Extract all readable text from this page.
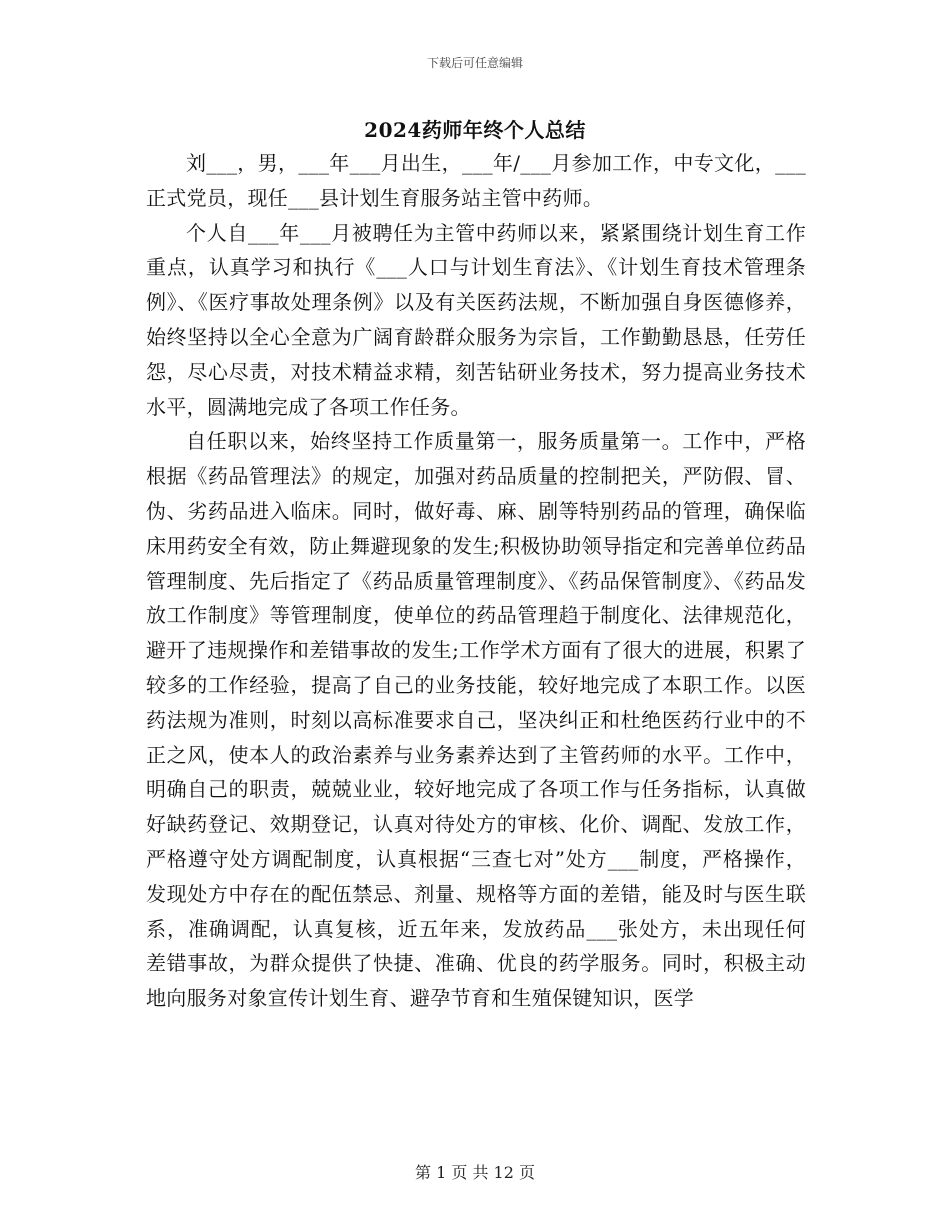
下载后可任意编辑
2024药师年终个人总结

刘___，男，___年___月出生，___年/___月参加工作，中专文化，___正式党员，现任___县计划生育服务站主管中药师。

个人自___年___月被聘任为主管中药师以来，紧紧围绕计划生育工作重点，认真学习和执行《___人口与计划生育法》、《计划生育技术管理条例》、《医疗事故处理条例》以及有关医药法规，不断加强自身医德修养，始终坚持以全心全意为广阔育龄群众服务为宗旨，工作勤勤恳恳，任劳任怨，尽心尽责，对技术精益求精，刻苦钻研业务技术，努力提高业务技术水平，圆满地完成了各项工作任务。

自任职以来，始终坚持工作质量第一，服务质量第一。工作中，严格根据《药品管理法》的规定，加强对药品质量的控制把关，严防假、冒、伪、劣药品进入临床。同时，做好毒、麻、剧等特别药品的管理，确保临床用药安全有效，防止舞避现象的发生;积极协助领导指定和完善单位药品管理制度、先后指定了《药品质量管理制度》、《药品保管制度》、《药品发放工作制度》等管理制度，使单位的药品管理趋于制度化、法律规范化，避开了违规操作和差错事故的发生;工作学术方面有了很大的进展，积累了较多的工作经验，提高了自己的业务技能，较好地完成了本职工作。以医药法规为准则，时刻以高标准要求自己，坚决纠正和杜绝医药行业中的不正之风，使本人的政治素养与业务素养达到了主管药师的水平。工作中，明确自己的职责，兢兢业业，较好地完成了各项工作与任务指标，认真做好缺药登记、效期登记，认真对待处方的审核、化价、调配、发放工作，严格遵守处方调配制度，认真根据“三查七对”处方___制度，严格操作，发现处方中存在的配伍禁忌、剂量、规格等方面的差错，能及时与医生联系，准确调配，认真复核，近五年来，发放药品___张处方，未出现任何差错事故，为群众提供了快捷、准确、优良的药学服务。同时，积极主动地向服务对象宣传计划生育、避孕节育和生殖保键知识，医学

第 1 页 共 12 页
